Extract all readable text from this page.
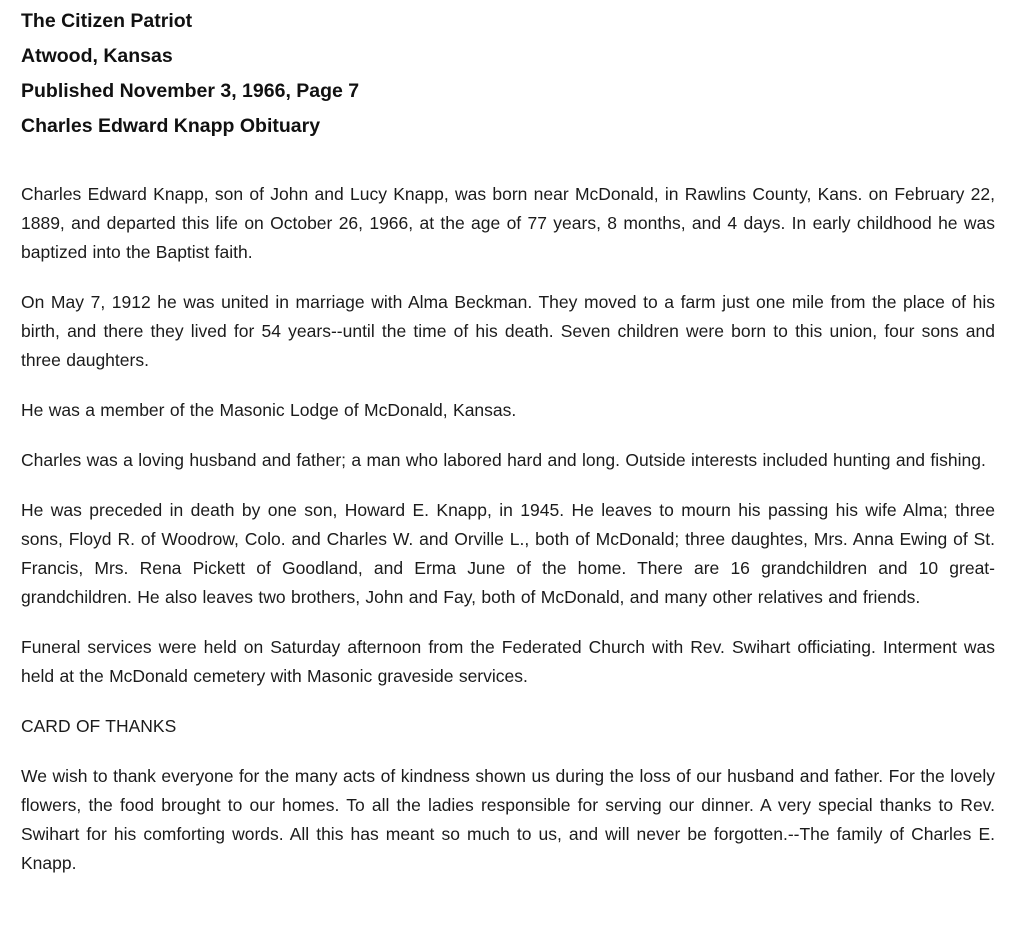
The Citizen Patriot

Atwood, Kansas

Published November 3, 1966, Page 7

Charles Edward Knapp Obituary

Charles Edward Knapp, son of John and Lucy Knapp, was born near McDonald, in Rawlins County, Kans. on February 22, 1889, and departed this life on October 26, 1966, at the age of 77 years, 8 months, and 4 days. In early childhood he was baptized into the Baptist faith.

On May 7, 1912 he was united in marriage with Alma Beckman. They moved to a farm just one mile from the place of his birth, and there they lived for 54 years--until the time of his death. Seven children were born to this union, four sons and three daughters.

He was a member of the Masonic Lodge of McDonald, Kansas.

Charles was a loving husband and father; a man who labored hard and long. Outside interests included hunting and fishing.

He was preceded in death by one son, Howard E. Knapp, in 1945. He leaves to mourn his passing his wife Alma; three sons, Floyd R. of Woodrow, Colo. and Charles W. and Orville L., both of McDonald; three daughtes, Mrs. Anna Ewing of St. Francis, Mrs. Rena Pickett of Goodland, and Erma June of the home. There are 16 grandchildren and 10 great-grandchildren. He also leaves two brothers, John and Fay, both of McDonald, and many other relatives and friends.

Funeral services were held on Saturday afternoon from the Federated Church with Rev. Swihart officiating. Interment was held at the McDonald cemetery with Masonic graveside services.

CARD OF THANKS

We wish to thank everyone for the many acts of kindness shown us during the loss of our husband and father. For the lovely flowers, the food brought to our homes. To all the ladies responsible for serving our dinner. A very special thanks to Rev. Swihart for his comforting words. All this has meant so much to us, and will never be forgotten.--The family of Charles E. Knapp.
